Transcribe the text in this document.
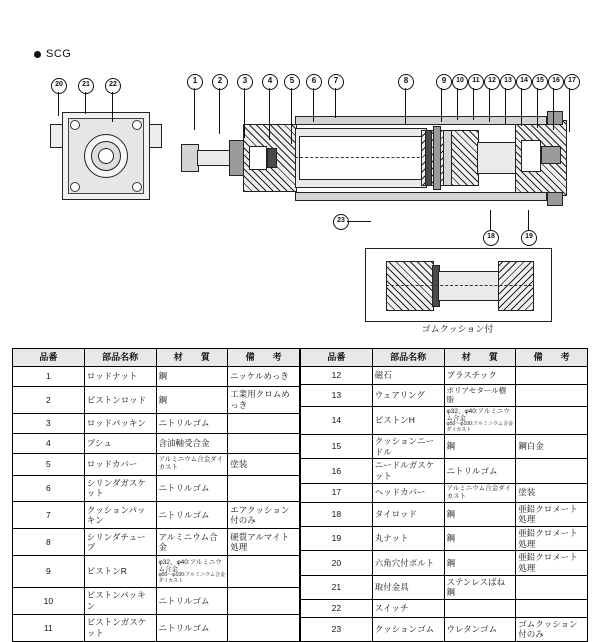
SCG
20	21	22	1	2	3	4	5	6	7	8	9	10	11	12	13	14	15	16	17
18	19
23
ゴムクッション付
品番	部品名称	材　　質	備　　考
1	ロッドナット	鋼	ニッケルめっき
2	ピストンロッド	鋼	工業用クロムめっき
3	ロッドパッキン	ニトリルゴム	
4	ブシュ	含油軸受合金	
5	ロッドカバー	アルミニウム合金ダイカスト	塗装
6	シリンダガスケット	ニトリルゴム	
7	クッションパッキン	ニトリルゴム	エアクッション付のみ
8	シリンダチューブ	アルミニウム合金	硬質アルマイト処理
9	ピストンR	φ32、φ40:アルミニウム合金
φ50〜φ100:アルミニウム合金ダイカスト	

10	ピストンパッキン	ニトリルゴム	
11	ピストンガスケット	ニトリルゴム	
品番	部品名称	材　　質	備　　考
12	磁石	プラスチック	
13	ウェアリング	ポリアセタール樹脂	
14	ピストンH	φ32、φ40:アルミニウム合金
φ50〜φ100:アルミニウム合金ダイカスト	

15	クッションニードル	鋼	鋼白金
16	ニードルガスケット	ニトリルゴム	
17	ヘッドカバー	アルミニウム合金ダイカスト	塗装
18	タイロッド	鋼	亜鉛クロメート処理
19	丸ナット	鋼	亜鉛クロメート処理
20	六角穴付ボルト	鋼	亜鉛クロメート処理
21	取付金具	ステンレスばね鋼	
22	スイッチ		
23	クッションゴム	ウレタンゴム	ゴムクッション付のみ
